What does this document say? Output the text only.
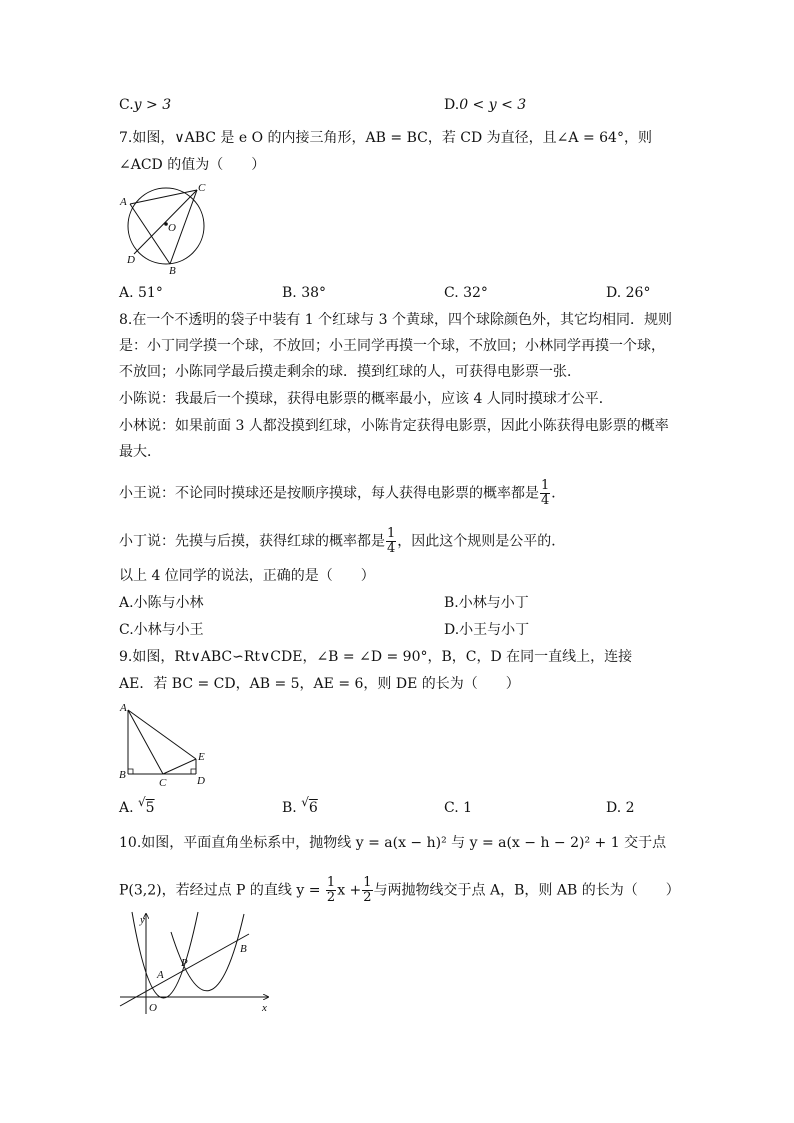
C.y > 3	D.0 < y < 3
7.如图，∨ABC 是 e O 的内接三角形，AB = BC，若 CD 为直径，且∠A = 64°，则
∠ACD 的值为（　　）
A
C
O
D
B
A. 51°	B. 38°	C. 32°	D. 26°
8.在一个不透明的袋子中装有 1 个红球与 3 个黄球，四个球除颜色外，其它均相同．规则
是：小丁同学摸一个球，不放回；小王同学再摸一个球，不放回；小林同学再摸一个球，
不放回；小陈同学最后摸走剩余的球．摸到红球的人，可获得电影票一张．
小陈说：我最后一个摸球，获得电影票的概率最小，应该 4 人同时摸球才公平．
小林说：如果前面 3 人都没摸到红球，小陈肯定获得电影票，因此小陈获得电影票的概率
最大．
小王说：不论同时摸球还是按顺序摸球，每人获得电影票的概率都是 $\frac{1}{4}$ ．
小丁说：先摸与后摸，获得红球的概率都是 $\frac{1}{4}$ ，因此这个规则是公平的．
以上 4 位同学的说法，正确的是（　　）
A.小陈与小林	B.小林与小丁
C.小林与小王	D.小王与小丁
9.如图，Rt∨ABC∽Rt∨CDE，∠B = ∠D = 90°，B，C，D 在同一直线上，连接
AE．若 BC = CD，AB = 5，AE = 6，则 DE 的长为（　　）
A
E
B
C	D
A. √5	B. √6	C. 1	D. 2
10.如图，平面直角坐标系中，抛物线 y = a(x − h)² 与 y = a(x − h − 2)² + 1 交于点
P(3,2)，若经过点 P 的直线 $y = \frac{1}{2}$ $x + \frac{1}{2}$ 与两抛物线交于点 A，B，则 AB 的长为（　　）
y
A
P
B
O	x
